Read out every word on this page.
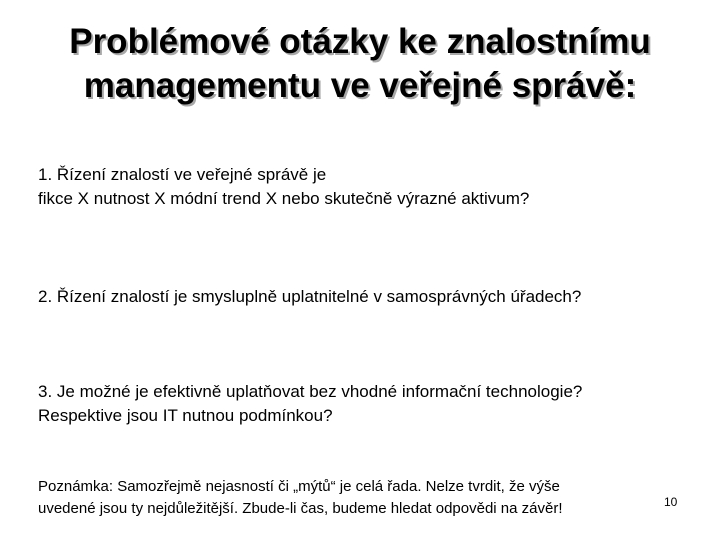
Problémové otázky ke znalostnímu
managementu ve veřejné správě:
1. Řízení znalostí ve veřejné správě je
fikce X nutnost X módní trend X nebo skutečně výrazné aktivum?
2. Řízení znalostí je smysluplně uplatnitelné v samosprávných úřadech?
3. Je možné je efektivně uplatňovat bez vhodné informační technologie?
Respektive jsou IT nutnou podmínkou?
Poznámka: Samozřejmě nejasností či „mýtů“ je celá řada. Nelze tvrdit, že výše
uvedené jsou ty nejdůležitější. Zbude-li čas, budeme hledat odpovědi na závěr!	10
